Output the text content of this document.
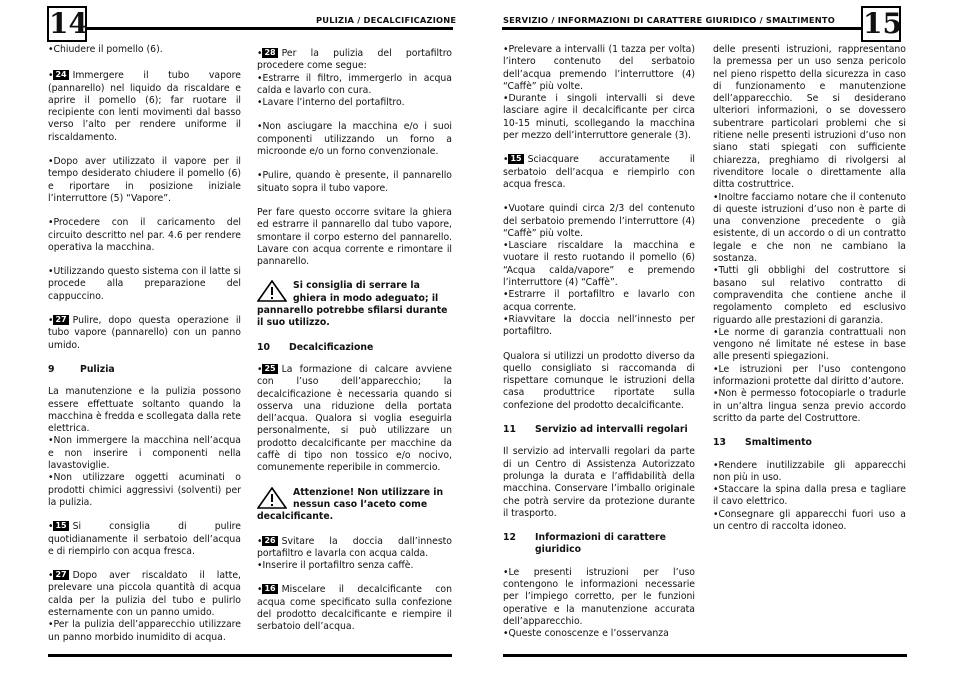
14	PULIZIA / DECALCIFICAZIONE	15
SERVIZIO / INFORMAZIONI DI CARATTERE GIURIDICO / SMALTIMENTO

•Chiudere il pomello (6).

• 24 Immergere il tubo vapore (pannarello) nel liquido da riscaldare e aprire il pomello (6); far ruotare il recipiente con lenti movimenti dal basso verso l’alto per rendere uniforme il riscaldamento.

•Dopo aver utilizzato il vapore per il tempo desiderato chiudere il pomello (6) e riportare in posizione iniziale l’interruttore (5) “Vapore”.

•Procedere con il caricamento del circuito descritto nel par. 4.6 per rendere operativa la macchina.

•Utilizzando questo sistema con il latte si procede alla preparazione del cappuccino.

• 27 Pulire, dopo questa operazione il tubo vapore (pannarello) con un panno umido.

9	Pulizia

La manutenzione e la pulizia possono essere effettuate soltanto quando la macchina è fredda e scollegata dalla rete elettrica.

•Non immergere la macchina nell’acqua e non inserire i componenti nella lavastoviglie.

•Non utilizzare oggetti acuminati o prodotti chimici aggressivi (solventi) per la pulizia.

• 15 Si consiglia di pulire quotidianamente il serbatoio dell’acqua e di riempirlo con acqua fresca.

• 27 Dopo aver riscaldato il latte, prelevare una piccola quantità di acqua calda per la pulizia del tubo e pulirlo esternamente con un panno umido.

•Per la pulizia dell’apparecchio utilizzare un panno morbido inumidito di acqua.

• 28 Per la pulizia del portafiltro procedere come segue:

•Estrarre il filtro, immergerlo in acqua calda e lavarlo con cura.

•Lavare l’interno del portafiltro.

•Non asciugare la macchina e/o i suoi componenti utilizzando un forno a microonde e/o un forno convenzionale.

•Pulire, quando è presente, il pannarello situato sopra il tubo vapore.

Per fare questo occorre svitare la ghiera ed estrarre il pannarello dal tubo vapore, smontare il corpo esterno del pannarello. Lavare con acqua corrente e rimontare il pannarello.

Si consiglia di serrare la ghiera in modo adeguato; il pannarello potrebbe sfilarsi durante il suo utilizzo.
10	Decalcificazione

• 25 La formazione di calcare avviene con l’uso dell’apparecchio; la decalcificazione è necessaria quando si osserva una riduzione della portata dell’acqua. Qualora si voglia eseguirla personalmente, si può utilizzare un prodotto decalcificante per macchine da caffè di tipo non tossico e/o nocivo, comunemente reperibile in commercio.

Attenzione! Non utilizzare in nessun caso l’aceto come decalcificante.

• 26 Svitare la doccia dall’innesto portafiltro e lavarla con acqua calda.

•Inserire il portafiltro senza caffè.

• 16 Miscelare il decalcificante con acqua come specificato sulla confezione del prodotto decalcificante e riempire il serbatoio dell’acqua.

•Prelevare a intervalli (1 tazza per volta) l’intero contenuto del serbatoio dell’acqua premendo l’interruttore (4) “Caffè” più volte.

•Durante i singoli intervalli si deve lasciare agire il decalcificante per circa 10-15 minuti, scollegando la macchina per mezzo dell’interruttore generale (3).

• 15 Sciacquare accuratamente il serbatoio dell’acqua e riempirlo con acqua fresca.

•Vuotare quindi circa 2/3 del contenuto del serbatoio premendo l’interruttore (4) “Caffè” più volte.

•Lasciare riscaldare la macchina e vuotare il resto ruotando il pomello (6) “Acqua calda/vapore” e premendo l’interruttore (4) “Caffè”.

•Estrarre il portafiltro e lavarlo con acqua corrente.

•Riavvitare la doccia nell’innesto per portafiltro.

Qualora si utilizzi un prodotto diverso da quello consigliato si raccomanda di rispettare comunque le istruzioni della casa produttrice riportate sulla confezione del prodotto decalcificante.

11	Servizio ad intervalli regolari

Il servizio ad intervalli regolari da parte di un Centro di Assistenza Autorizzato prolunga la durata e l’affidabilità della macchina. Conservare l’imballo originale che potrà servire da protezione durante il trasporto.

12	Informazioni di carattere giuridico

•Le presenti istruzioni per l’uso contengono le informazioni necessarie per l’impiego corretto, per le funzioni operative e la manutenzione accurata dell’apparecchio.

•Queste conoscenze e l’osservanza

delle presenti istruzioni, rappresentano la premessa per un uso senza pericolo nel pieno rispetto della sicurezza in caso di funzionamento e manutenzione dell’apparecchio. Se si desiderano ulteriori informazioni, o se dovessero subentrare particolari problemi che si ritiene nelle presenti istruzioni d’uso non siano stati spiegati con sufficiente chiarezza, preghiamo di rivolgersi al rivenditore locale o direttamente alla ditta costruttrice.

•Inoltre facciamo notare che il contenuto di queste istruzioni d’uso non è parte di una convenzione precedente o già esistente, di un accordo o di un contratto legale e che non ne cambiano la sostanza.

•Tutti gli obblighi del costruttore si basano sul relativo contratto di compravendita che contiene anche il regolamento completo ed esclusivo riguardo alle prestazioni di garanzia.

•Le norme di garanzia contrattuali non vengono né limitate né estese in base alle presenti spiegazioni.

•Le istruzioni per l’uso contengono informazioni protette dal diritto d’autore.

•Non è permesso fotocopiarle o tradurle in un’altra lingua senza previo accordo scritto da parte del Costruttore.

13	Smaltimento

•Rendere inutilizzabile gli apparecchi non più in uso.

•Staccare la spina dalla presa e tagliare il cavo elettrico.

•Consegnare gli apparecchi fuori uso a un centro di raccolta idoneo.
